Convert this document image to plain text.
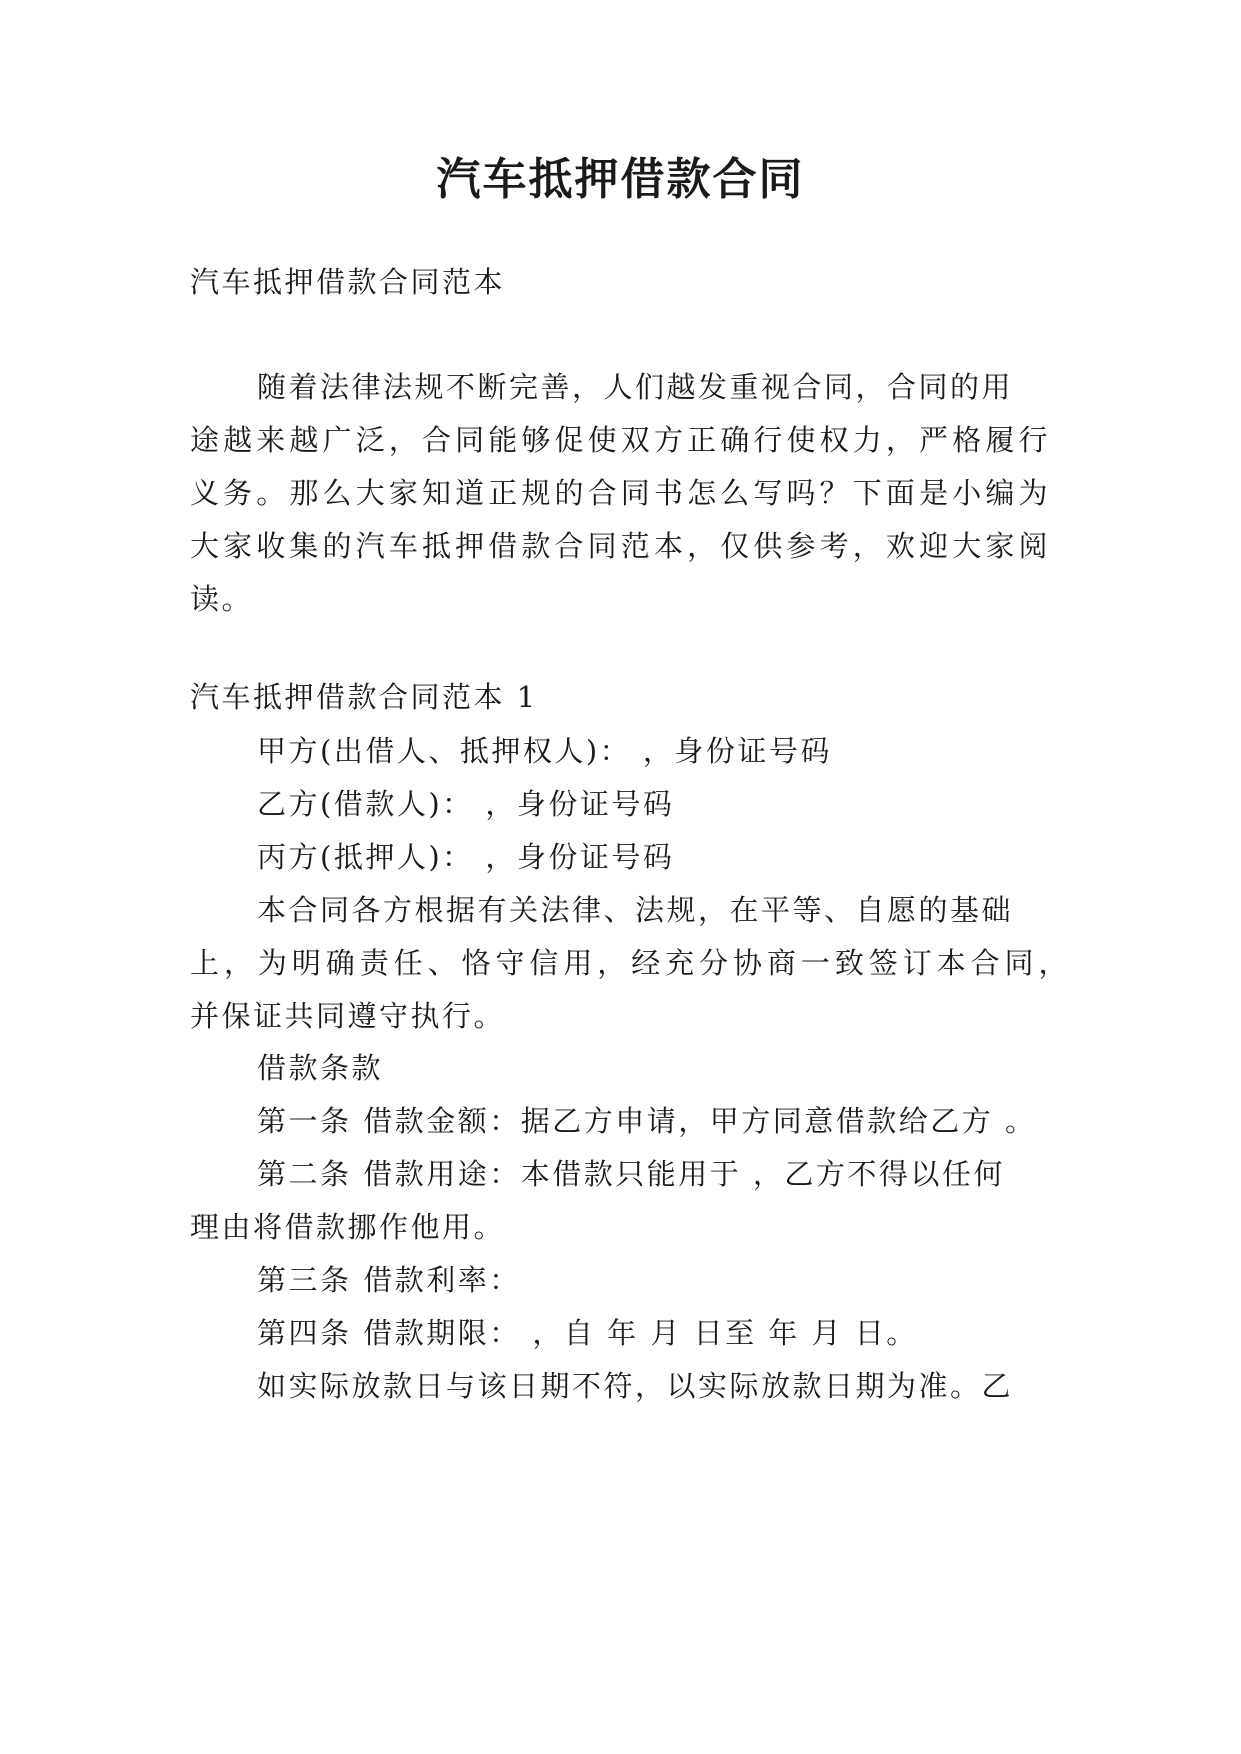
汽车抵押借款合同
汽车抵押借款合同范本
随着法律法规不断完善，人们越发重视合同，合同的用
途越来越广泛，合同能够促使双方正确行使权力，严格履行
义务。那么大家知道正规的合同书怎么写吗？下面是小编为
大家收集的汽车抵押借款合同范本，仅供参考，欢迎大家阅
读。
汽车抵押借款合同范本 1
甲方(出借人、抵押权人)： ，身份证号码
乙方(借款人)： ，身份证号码
丙方(抵押人)： ，身份证号码
本合同各方根据有关法律、法规，在平等、自愿的基础
上，为明确责任、恪守信用，经充分协商一致签订本合同，
并保证共同遵守执行。
借款条款
第一条 借款金额：据乙方申请，甲方同意借款给乙方 。
第二条 借款用途：本借款只能用于 ，乙方不得以任何
理由将借款挪作他用。
第三条 借款利率：
第四条 借款期限： ，自 年 月 日至 年 月 日。
如实际放款日与该日期不符，以实际放款日期为准。乙
